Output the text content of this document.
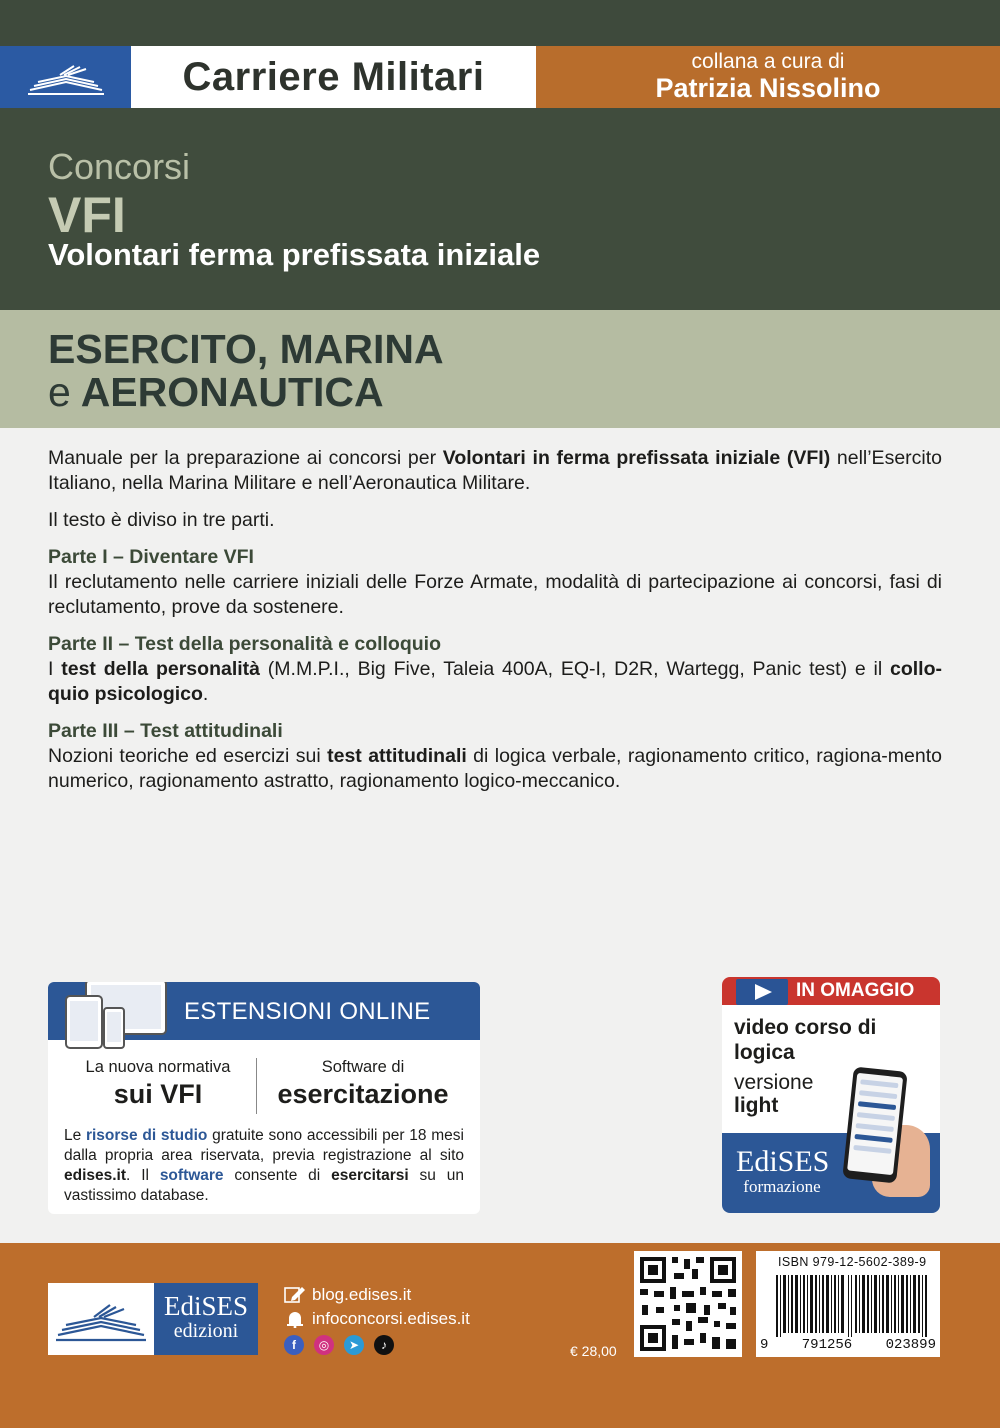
Carriere Militari	collana a cura di
Patrizia Nissolino
Concorsi
VFI
Volontari ferma prefissata iniziale
ESERCITO, MARINA
e AERONAUTICA

Manuale per la preparazione ai concorsi per Volontari in ferma prefissata iniziale (VFI) nell’Esercito Italiano, nella Marina Militare e nell’Aeronautica Militare.

Il testo è diviso in tre parti.

Parte I – Diventare VFI
Il reclutamento nelle carriere iniziali delle Forze Armate, modalità di partecipazione ai concorsi, fasi di reclutamento, prove da sostenere.
Parte II – Test della personalità e colloquio
I test della personalità (M.M.P.I., Big Five, Taleia 400A, EQ-I, D2R, Wartegg, Panic test) e il collo-quio psicologico.
Parte III – Test attitudinali
Nozioni teoriche ed esercizi sui test attitudinali di logica verbale, ragionamento critico, ragiona-mento numerico, ragionamento astratto, ragionamento logico-meccanico.
ESTENSIONI ONLINE
La nuova normativa
sui VFI
Software di
esercitazione
Le risorse di studio gratuite sono accessibili per 18 mesi dalla propria area riservata, previa registrazione al sito edises.it. Il software consente di esercitarsi su un vastissimo database.
IN OMAGGIO
video corso di
logica
versione
light
EdiSES
formazione
EdiSES
edizioni
blog.edises.it
infoconcorsi.edises.it
f	◎	➤	♪	€ 28,00
ISBN 979-12-5602-389-9
9 791256 023899
